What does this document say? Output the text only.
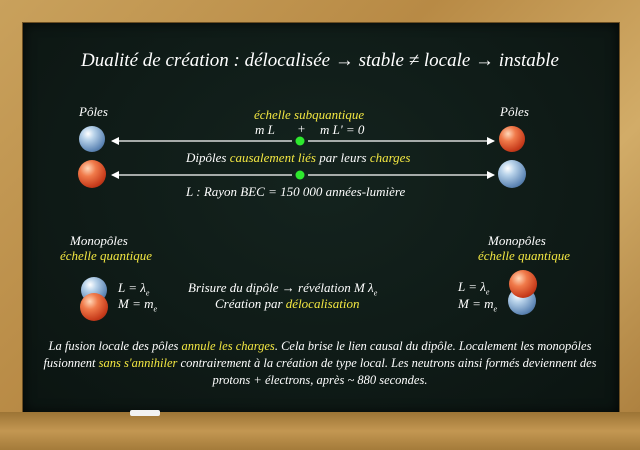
Dualité de création : délocalisée → stable ≠ locale → instable
Pôles	Pôles
échelle subquantique
m L + m L' = 0
Dipôles causalement liés par leurs charges
L : Rayon BEC = 150 000 années-lumière
Monopôles
échelle quantique
$L = \lambda_e$
$M = m_e$
Brisure du dipôle → révélation M $\lambda_e$
Création par délocalisation
Monopôles
échelle quantique
$L = \lambda_e$
$M = m_e$
La fusion locale des pôles annule les charges. Cela brise le lien causal du dipôle. Localement les monopôles fusionnent sans s'annihiler contrairement à la création de type local. Les neutrons ainsi formés deviennent des protons + électrons, après ~ 880 secondes.
